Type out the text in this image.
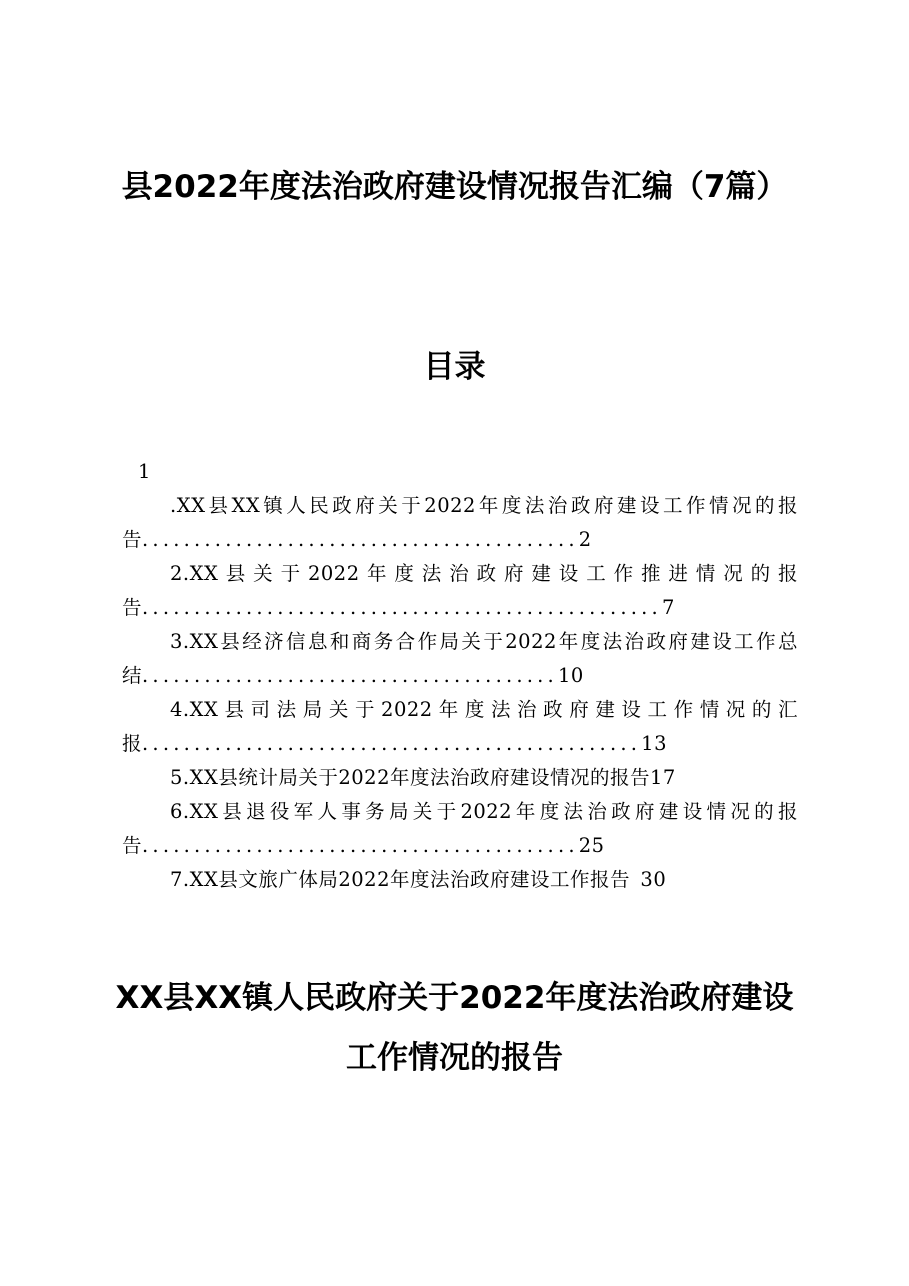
县2022年度法治政府建设情况报告汇编（7篇）
目录
1

.XX县XX镇人民政府关于2022年度法治政府建设工作情况的报告..........................................2

2.XX县关于2022年度法治政府建设工作推进情况的报告..................................................7

3.XX县经济信息和商务合作局关于2022年度法治政府建设工作总结........................................10

4.XX县司法局关于2022年度法治政府建设工作情况的汇报................................................13

5.XX县统计局关于2022年度法治政府建设情况的报告17

6.XX县退役军人事务局关于2022年度法治政府建设情况的报告..........................................25

7.XX县文旅广体局2022年度法治政府建设工作报告 30

XX县XX镇人民政府关于2022年度法治政府建设工作情况的报告
